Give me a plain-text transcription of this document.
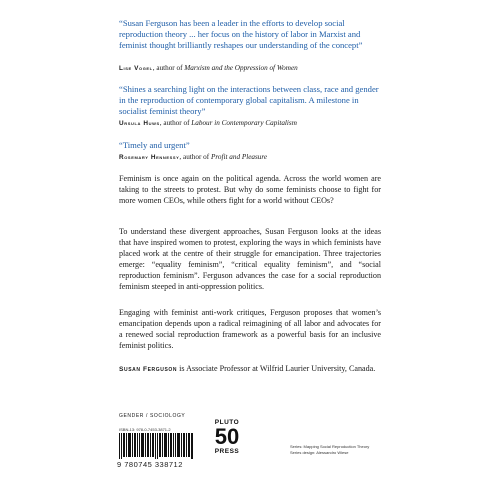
“Susan Ferguson has been a leader in the efforts to develop social reproduction theory ... her focus on the history of labor in Marxist and feminist thought brilliantly reshapes our understanding of the concept”
Lise Vogel, author of Marxism and the Oppression of Women
“Shines a searching light on the interactions between class, race and gender in the reproduction of contemporary global capitalism. A milestone in socialist feminist theory”
Ursula Huws, author of Labour in Contemporary Capitalism
“Timely and urgent”
Rosemary Hennessy, author of Profit and Pleasure
Feminism is once again on the political agenda. Across the world women are taking to the streets to protest. But why do some feminists choose to fight for more women CEOs, while others fight for a world without CEOs?
To understand these divergent approaches, Susan Ferguson looks at the ideas that have inspired women to protest, exploring the ways in which feminists have placed work at the centre of their struggle for emancipation. Three trajectories emerge: “equality feminism”, “critical equality feminism”, and “social reproduction feminism”. Ferguson advances the case for a social reproduction feminism steeped in anti-oppression politics.
Engaging with feminist anti-work critiques, Ferguson proposes that women’s emancipation depends upon a radical reimagining of all labor and advocates for a renewed social reproduction framework as a powerful basis for an inclusive feminist politics.
Susan Ferguson is Associate Professor at Wilfrid Laurier University, Canada.
GENDER / SOCIOLOGY
ISBN-13: 978-0-7453-3871-2
9 780745 338712
PLUTO
50
PRESS
Series: Mapping Social Reproduction Theory
Series design: Alessandro Wiese
